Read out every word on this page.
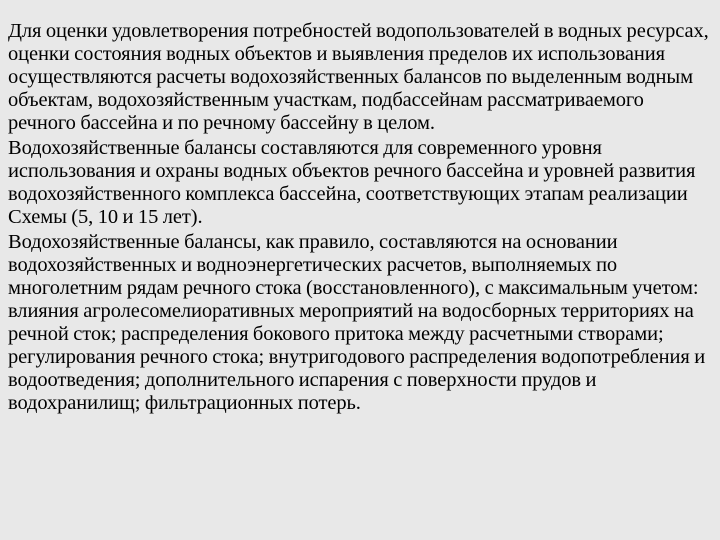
Для оценки удовлетворения потребностей водопользователей в водных ресурсах, оценки состояния водных объектов и выявления пределов их использования осуществляются расчеты водохозяйственных балансов по выделенным водным объектам, водохозяйственным участкам, подбассейнам рассматриваемого речного бассейна и по речному бассейну в целом.

Водохозяйственные балансы составляются для современного уровня использования и охраны водных объектов речного бассейна и уровней развития водохозяйственного комплекса бассейна, соответствующих этапам реализации Схемы (5, 10 и 15 лет).

Водохозяйственные балансы, как правило, составляются на основании водохозяйственных и водноэнергетических расчетов, выполняемых по многолетним рядам речного стока (восстановленного), с максимальным учетом: влияния агролесомелиоративных мероприятий на водосборных территориях на речной сток; распределения бокового притока между расчетными створами; регулирования речного стока; внутригодового распределения водопотребления и водоотведения; дополнительного испарения с поверхности прудов и водохранилищ; фильтрационных потерь.
